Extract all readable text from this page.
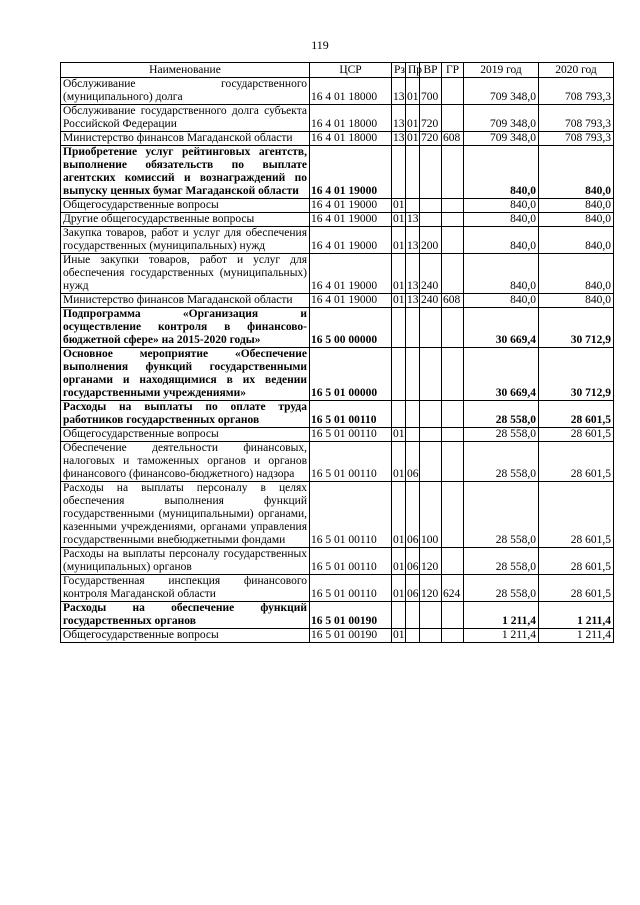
119
Наименование	ЦСР	Рз	Пр	ВР	ГР	2019 год	2020 год
Обслуживание государственного (муниципального) долга	16 4 01 18000	13	01	700		709 348,0	708 793,3
Обслуживание государственного долга субъекта Российской Федерации	16 4 01 18000	13	01	720		709 348,0	708 793,3
Министерство финансов Магаданской области	16 4 01 18000	13	01	720	608	709 348,0	708 793,3
Приобретение услуг рейтинговых агентств, выполнение обязательств по выплате агентских комиссий и вознаграждений по выпуску ценных бумаг Магаданской области	16 4 01 19000					840,0	840,0
Общегосударственные вопросы	16 4 01 19000	01				840,0	840,0
Другие общегосударственные вопросы	16 4 01 19000	01	13			840,0	840,0
Закупка товаров, работ и услуг для обеспечения государственных (муниципальных) нужд	16 4 01 19000	01	13	200		840,0	840,0
Иные закупки товаров, работ и услуг для обеспечения государственных (муниципальных) нужд	16 4 01 19000	01	13	240		840,0	840,0
Министерство финансов Магаданской области	16 4 01 19000	01	13	240	608	840,0	840,0
Подпрограмма «Организация и осуществление контроля в финансово-бюджетной сфере» на 2015-2020 годы»	16 5 00 00000					30 669,4	30 712,9
Основное мероприятие «Обеспечение выполнения функций государственными органами и находящимися в их ведении государственными учреждениями»	16 5 01 00000					30 669,4	30 712,9
Расходы на выплаты по оплате труда работников государственных органов	16 5 01 00110					28 558,0	28 601,5
Общегосударственные вопросы	16 5 01 00110	01				28 558,0	28 601,5
Обеспечение деятельности финансовых, налоговых и таможенных органов и органов финансового (финансово-бюджетного) надзора	16 5 01 00110	01	06			28 558,0	28 601,5
Расходы на выплаты персоналу в целях обеспечения выполнения функций государственными (муниципальными) органами, казенными учреждениями, органами управления государственными внебюджетными фондами	16 5 01 00110	01	06	100		28 558,0	28 601,5
Расходы на выплаты персоналу государственных (муниципальных) органов	16 5 01 00110	01	06	120		28 558,0	28 601,5
Государственная инспекция финансового контроля Магаданской области	16 5 01 00110	01	06	120	624	28 558,0	28 601,5
Расходы на обеспечение функций государственных органов	16 5 01 00190					1 211,4	1 211,4
Общегосударственные вопросы	16 5 01 00190	01				1 211,4	1 211,4
